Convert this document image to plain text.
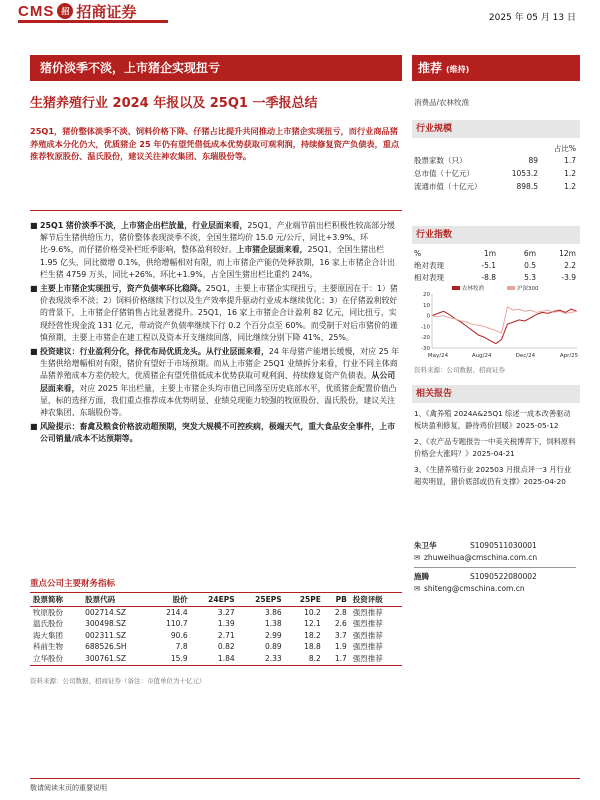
CMS 招 招商证券	2025 年 05 月 13 日
猪价淡季不淡，上市猪企实现扭亏
生猪养殖行业 2024 年报以及 25Q1 一季报总结
25Q1，猪价整体淡季不淡、饲料价格下降、仔猪占比提升共同推动上市猪企实现扭亏，而行业商品猪养殖成本分化仍大，优质猪企 25 年仍有望凭借低成本优势获取可观利润，持续修复资产负债表，重点推荐牧原股份、温氏股份，建议关注神农集团、东瑞股份等。
■ 25Q1 猪价淡季不淡，上市猪企出栏放量，行业层面来看，25Q1，产业端节前出栏积极性较高部分缓解节后生猪供给压力，猪价整体表现淡季不淡，全国生猪均价 15.0 元/公斤，同比+3.9%、环比-9.6%，而仔猪价格受补栏旺季影响，整体盈利较好。上市猪企层面来看，25Q1，全国生猪出栏 1.95 亿头，同比微增 0.1%，供给增幅相对有限，而上市猪企产能仍处释放期，16 家上市猪企合计出栏生猪 4759 万头，同比+26%、环比+1.9%，占全国生猪出栏比重约 24%。
■ 主要上市猪企实现扭亏，资产负债率环比稳降。25Q1，主要上市猪企实现扭亏，主要原因在于：1）猪价表现淡季不淡；2）饲料价格继续下行以及生产效率提升驱动行业成本继续优化；3）在仔猪盈利较好的背景下，上市猪企仔猪销售占比显著提升。25Q1，16 家上市猪企合计盈利 82 亿元，同比扭亏，实现经营性现金流 131 亿元，带动资产负债率继续下行 0.2 个百分点至 60%。而受制于对后市猪价的谨慎预期，主要上市猪企在建工程以及资本开支继续回落，同比继续分别下降 41%、25%。
■ 投资建议：行业盈利分化，择优布局优质龙头。从行业层面来看，24 年母猪产能增长缓慢，对应 25 年生猪供给增幅相对有限，猪价有望好于市场预期。而从上市猪企 25Q1 业绩拆分来看，行业不同主体商品猪养殖成本方差仍较大，优质猪企有望凭借低成本优势获取可观利润、持续修复资产负债表。从公司层面来看，对应 2025 年出栏量，主要上市猪企头均市值已回落至历史底部水平，优质猪企配置价值凸显，标的选择方面，我们重点推荐成本优势明显、业绩兑现能力较强的牧原股份、温氏股份，建议关注神农集团、东瑞股份等。
■ 风险提示：畜禽及粮食价格波动超预期，突发大规模不可控疾病，极端天气，重大食品安全事件，上市公司销量/成本不达预期等。
重点公司主要财务指标
股票简称	股票代码	股价	24EPS	25EPS	25PE	PB	投资评级
牧原股份	002714.SZ	214.4	3.27	3.86	10.2	2.8	强烈推荐
温氏股份	300498.SZ	110.7	1.39	1.38	12.1	2.6	强烈推荐
海大集团	002311.SZ	90.6	2.71	2.99	18.2	3.7	强烈推荐
科前生物	688526.SH	7.8	0.82	0.89	18.8	1.9	强烈推荐
立华股份	300761.SZ	15.9	1.84	2.33	8.2	1.7	强烈推荐
资料来源：公司数据、招商证券（备注：市值单位为十亿元）
推荐 (维持)
消费品/农林牧渔
行业规模
占比%
股票家数（只）	89	1.7
总市值（十亿元）	1053.2	1.2
流通市值（十亿元）	898.5	1.2
行业指数
%	1m	6m	12m
绝对表现	-5.1	0.5	2.2
相对表现	-8.8	5.3	-3.9
20
10
0
-10
-20
-30
May/24	Aug/24	Dec/24	Apr/25
农林牧渔	沪深300
资料来源：公司数据、招商证券
相关报告
1、《禽养殖 2024A&25Q1 综述一成本改善驱动板块盈利修复，静待鸡价回暖》2025-05-12
2、《农产品专题报告一中美关税博弈下，饲料原料价格会大涨吗？》2025-04-21
3、《生猪养殖行业 202503 月报点评一3 月行业超卖明显，猪价底部或仍有支撑》2025-04-20
朱卫华	S1090511030001
✉ zhuweihua@cmschina.com.cn
施腾	S1090522080002
✉ shiteng@cmschina.com.cn
敬请阅读末页的重要说明
